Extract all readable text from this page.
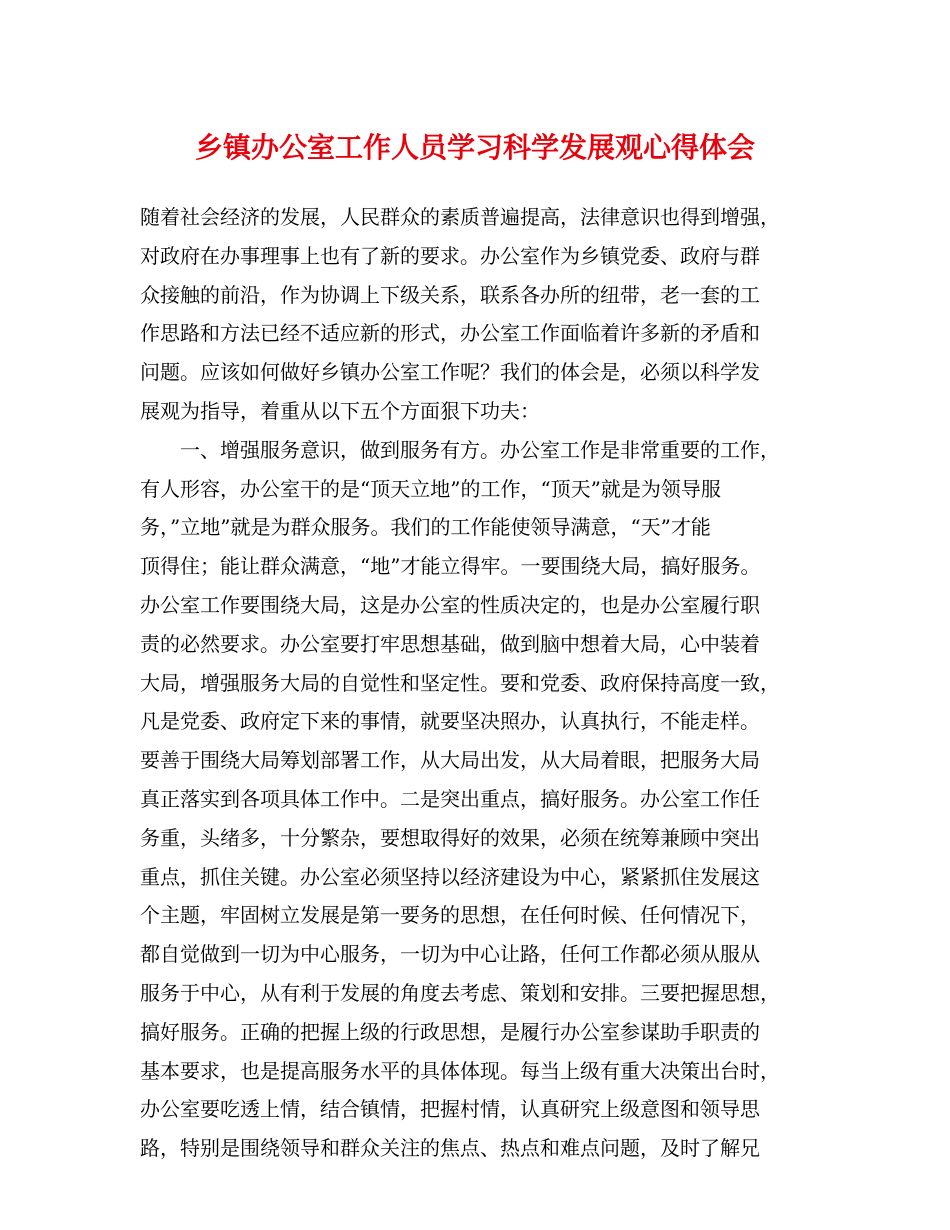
乡镇办公室工作人员学习科学发展观心得体会
随着社会经济的发展，人民群众的素质普遍提高，法律意识也得到增强，
对政府在办事理事上也有了新的要求。办公室作为乡镇党委、政府与群
众接触的前沿，作为协调上下级关系，联系各办所的纽带，老一套的工
作思路和方法已经不适应新的形式，办公室工作面临着许多新的矛盾和
问题。应该如何做好乡镇办公室工作呢？我们的体会是，必须以科学发
展观为指导，着重从以下五个方面狠下功夫：
　　一、增强服务意识，做到服务有方。办公室工作是非常重要的工作，
有人形容，办公室干的是“顶天立地”的工作，“顶天”就是为领导服
务，”立地”就是为群众服务。我们的工作能使领导满意，“天”才能
顶得住；能让群众满意，“地”才能立得牢。一要围绕大局，搞好服务。
办公室工作要围绕大局，这是办公室的性质决定的，也是办公室履行职
责的必然要求。办公室要打牢思想基础，做到脑中想着大局，心中装着
大局，增强服务大局的自觉性和坚定性。要和党委、政府保持高度一致，
凡是党委、政府定下来的事情，就要坚决照办，认真执行，不能走样。
要善于围绕大局筹划部署工作，从大局出发，从大局着眼，把服务大局
真正落实到各项具体工作中。二是突出重点，搞好服务。办公室工作任
务重，头绪多，十分繁杂，要想取得好的效果，必须在统筹兼顾中突出
重点，抓住关键。办公室必须坚持以经济建设为中心，紧紧抓住发展这
个主题，牢固树立发展是第一要务的思想，在任何时候、任何情况下，
都自觉做到一切为中心服务，一切为中心让路，任何工作都必须从服从
服务于中心，从有利于发展的角度去考虑、策划和安排。三要把握思想，
搞好服务。正确的把握上级的行政思想，是履行办公室参谋助手职责的
基本要求，也是提高服务水平的具体体现。每当上级有重大决策出台时，
办公室要吃透上情，结合镇情，把握村情，认真研究上级意图和领导思
路，特别是围绕领导和群众关注的焦点、热点和难点问题，及时了解兄
